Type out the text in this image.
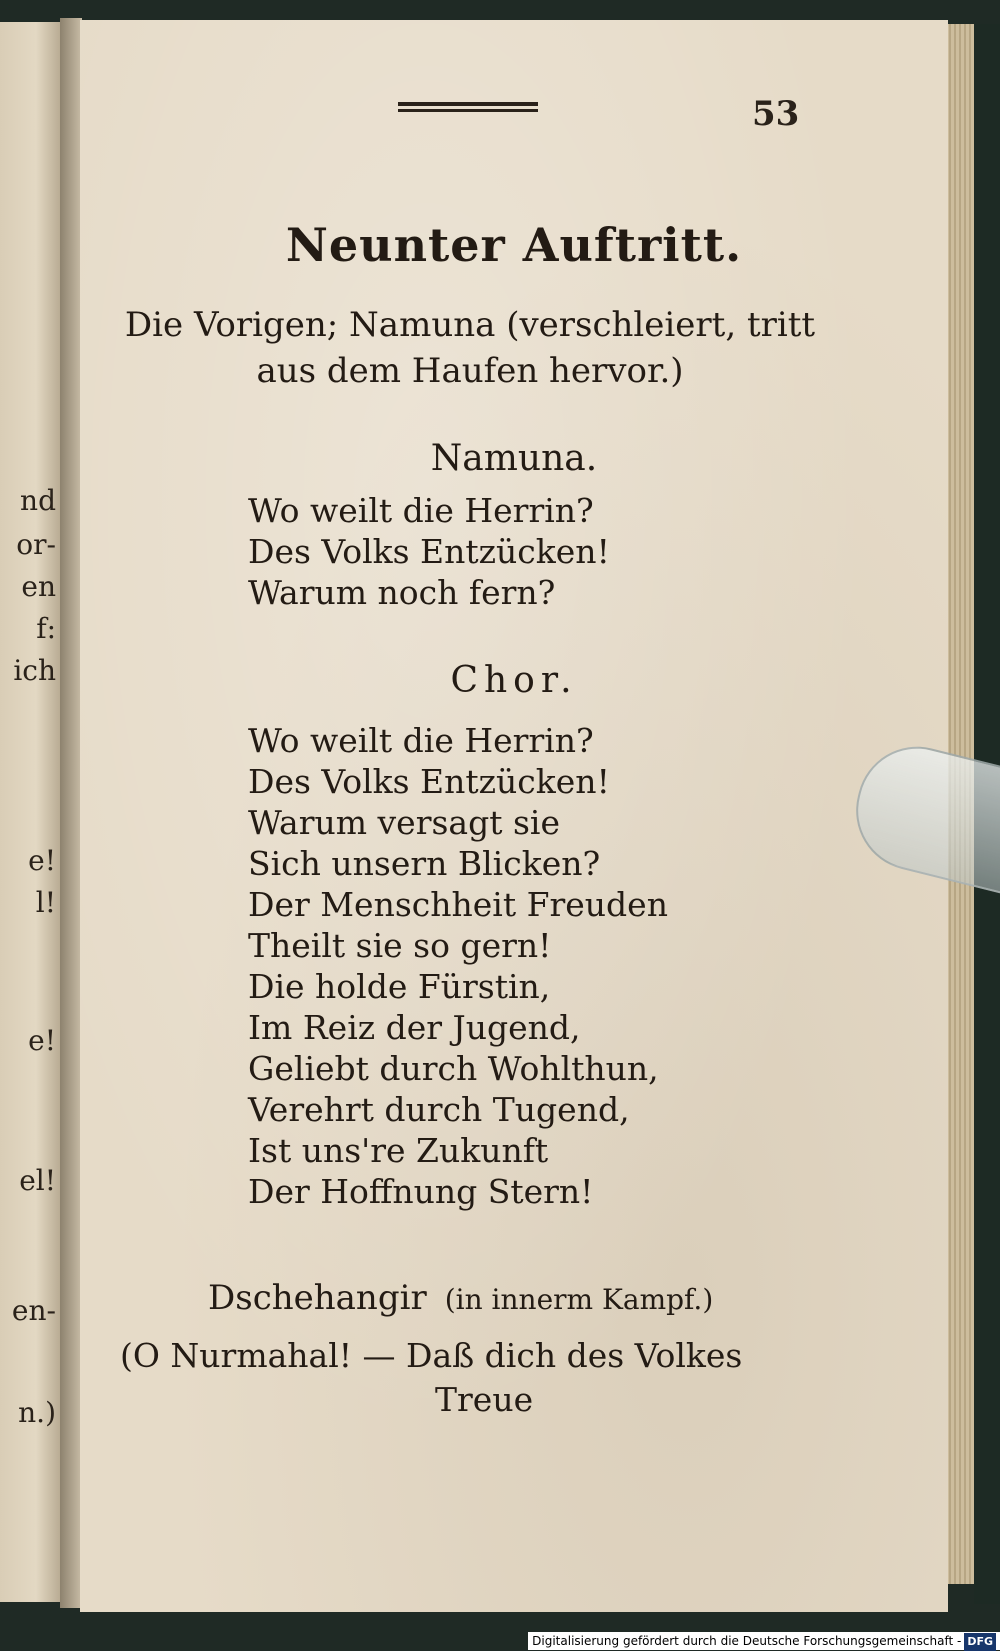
nd
or-
en
f:
ich
e!
l!
e!
el!
en-
n.)
53
Neunter Auftritt.
Die Vorigen; Namuna (verschleiert, tritt aus dem Haufen hervor.)
Namuna.
Wo weilt die Herrin?
Des Volks Entzücken!
Warum noch fern?
Chor.
Wo weilt die Herrin?
Des Volks Entzücken!
Warum versagt sie
Sich unsern Blicken?
Der Menschheit Freuden
Theilt sie so gern!
Die holde Fürstin,
Im Reiz der Jugend,
Geliebt durch Wohlthun,
Verehrt durch Tugend,
Ist uns're Zukunft
Der Hoffnung Stern!
Dschehangir (in innerm Kampf.)
(O Nurmahal! — Daß dich des Volkes
Treue
Digitalisierung gefördert durch die Deutsche Forschungsgemeinschaft - DFG
